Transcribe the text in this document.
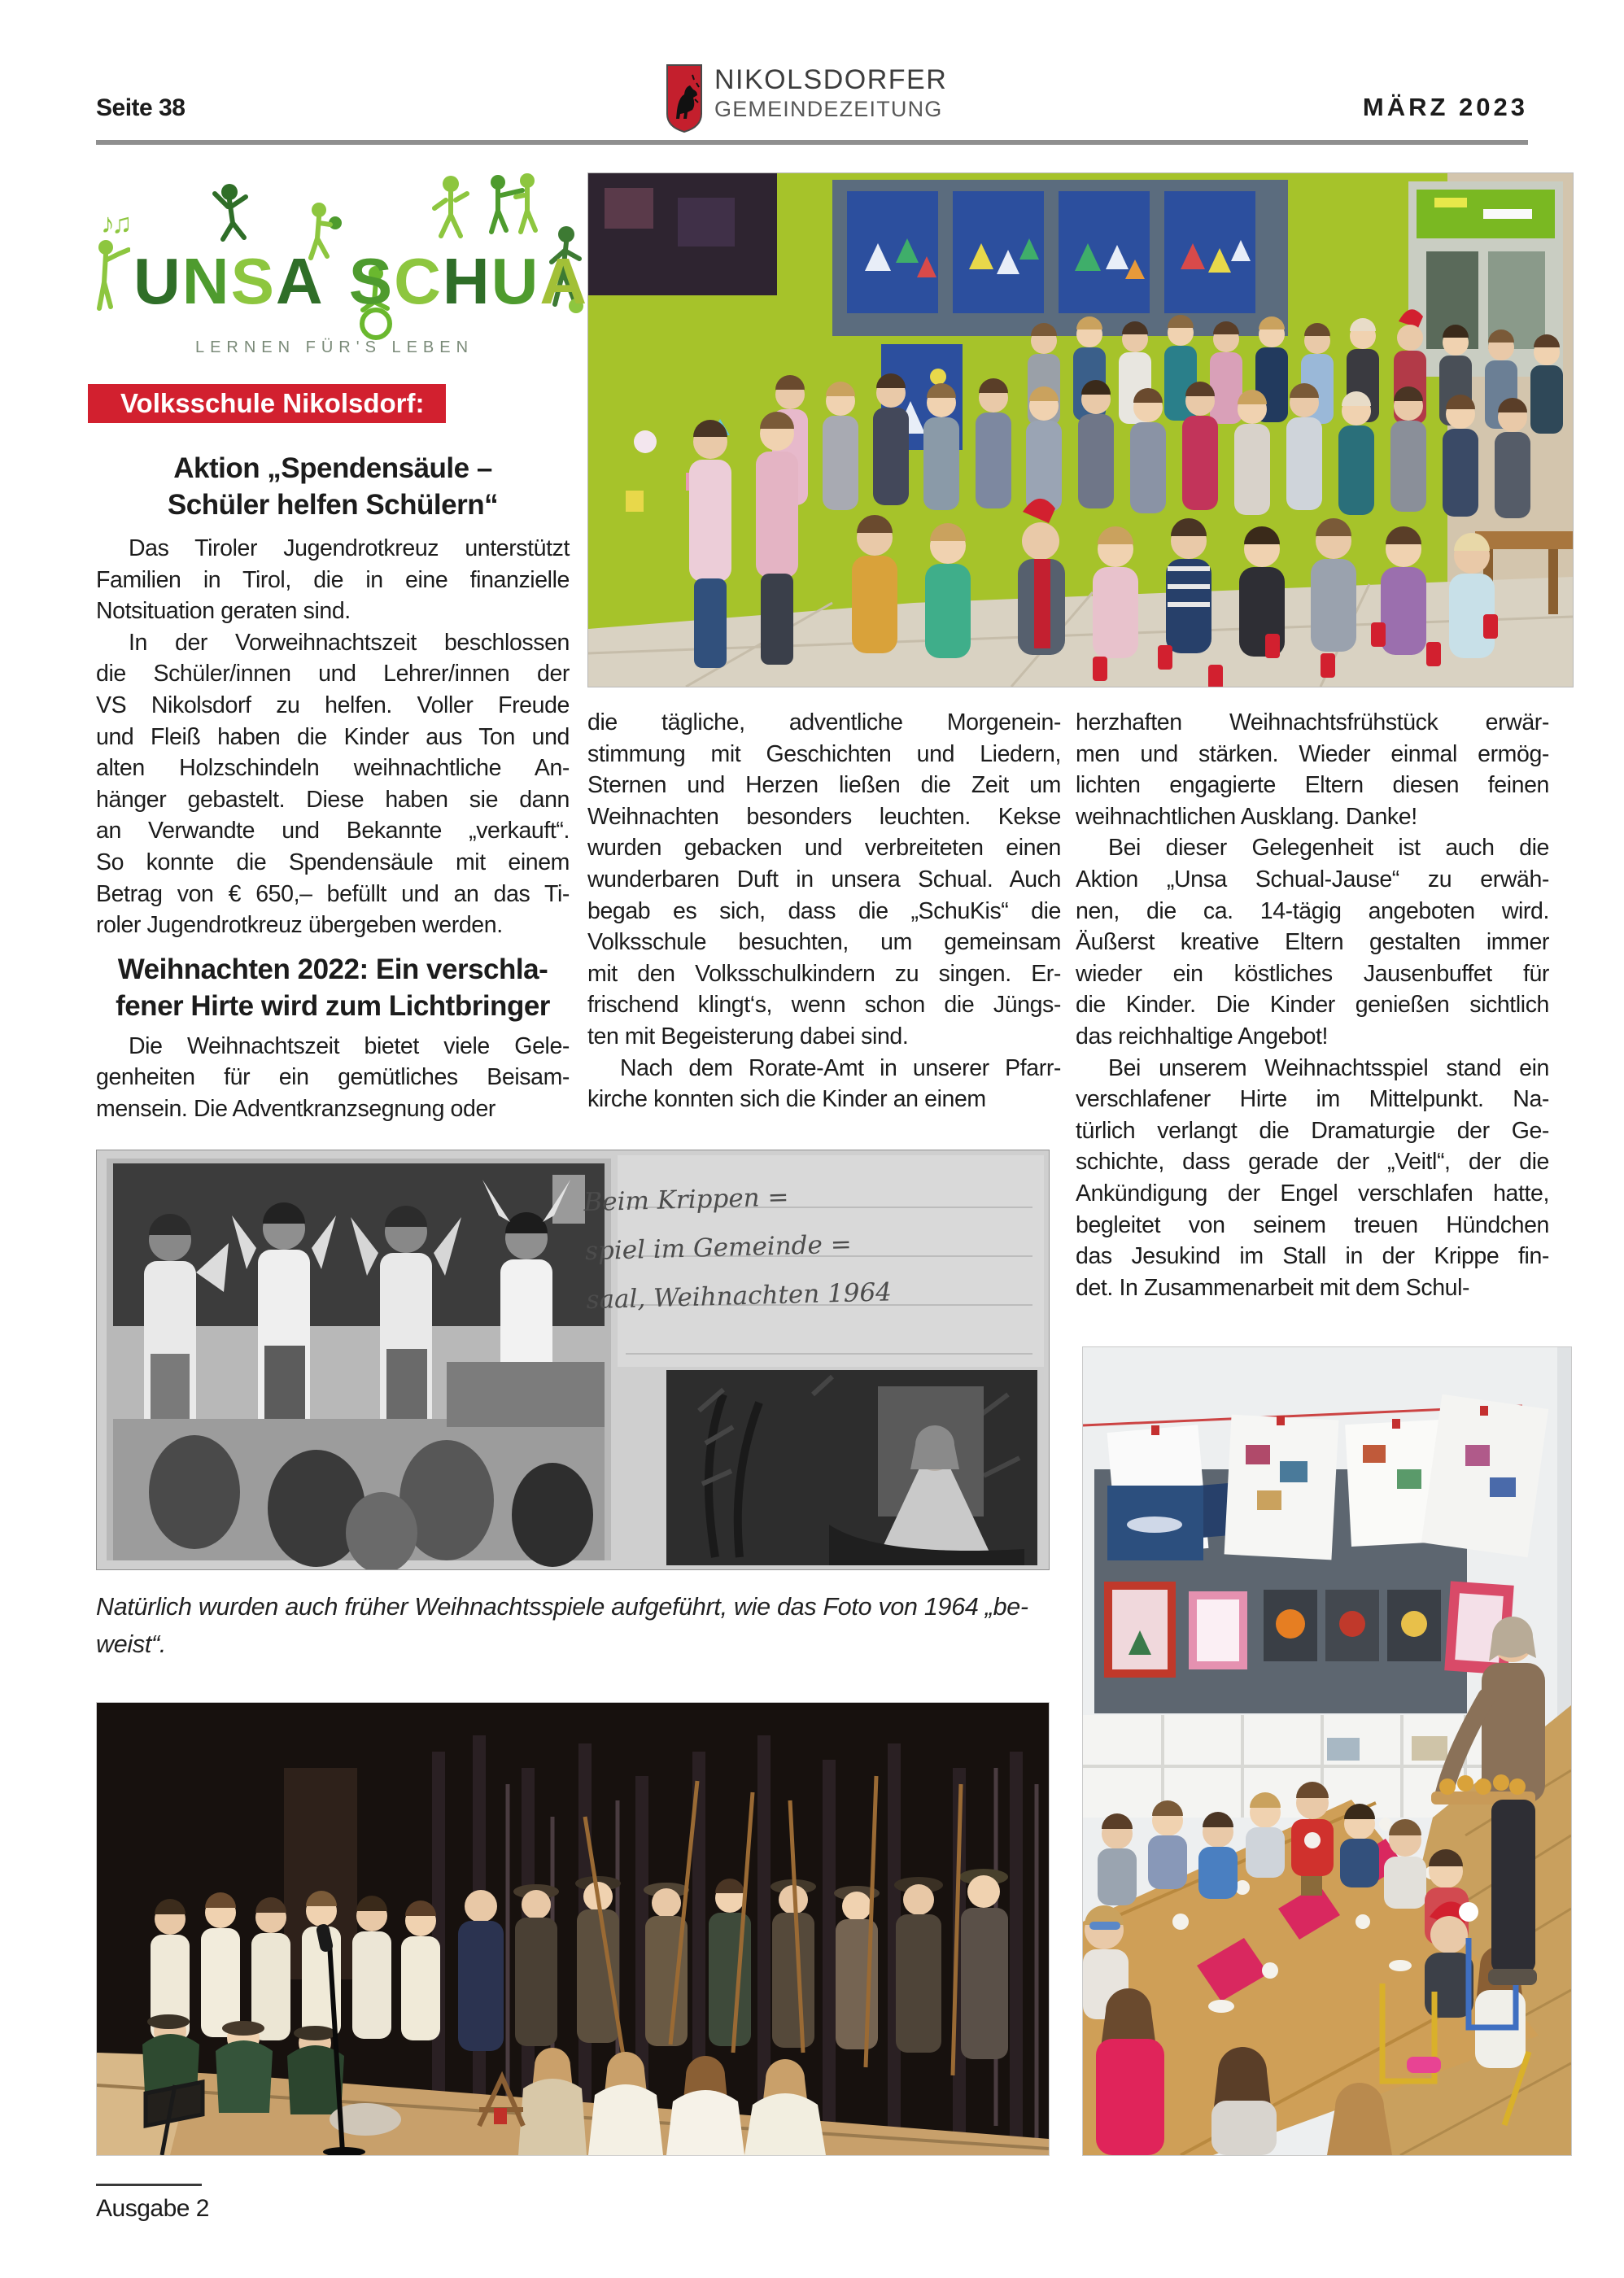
Seite 38
NIKOLSDORFER
GEMEINDEZEITUNG	MÄRZ 2023
♪♫
UNSA SCHUA
LERNEN FÜR'S LEBEN
Volksschule Nikolsdorf:
Aktion „Spendensäule –
Schüler helfen Schülern“
Das Tiroler Jugendrotkreuz unterstützt
Familien in Tirol, die in eine finanzielle
Notsituation geraten sind.
In der Vorweihnachtszeit beschlossen
die Schüler/innen und Lehrer/innen der
VS Nikolsdorf zu helfen. Voller Freude
und Fleiß haben die Kinder aus Ton und
alten Holzschindeln weihnachtliche An-
hänger gebastelt. Diese haben sie dann
an Verwandte und Bekannte „verkauft“.
So konnte die Spendensäule mit einem
Betrag von € 650,– befüllt und an das Ti-
roler Jugendrotkreuz übergeben werden.
Weihnachten 2022: Ein verschla-
fener Hirte wird zum Lichtbringer
Die Weihnachtszeit bietet viele Gele-
genheiten für ein gemütliches Beisam-
mensein. Die Adventkranzsegnung oder
die tägliche, adventliche Morgenein-
stimmung mit Geschichten und Liedern,
Sternen und Herzen ließen die Zeit um
Weihnachten besonders leuchten. Kekse
wurden gebacken und verbreiteten einen
wunderbaren Duft in unsera Schual. Auch
begab es sich, dass die „SchuKis“ die
Volksschule besuchten, um gemeinsam
mit den Volksschulkindern zu singen. Er-
frischend klingt‘s, wenn schon die Jüngs-
ten mit Begeisterung dabei sind.
Nach dem Rorate-Amt in unserer Pfarr-
kirche konnten sich die Kinder an einem
herzhaften Weihnachtsfrühstück erwär-
men und stärken. Wieder einmal ermög-
lichten engagierte Eltern diesen feinen
weihnachtlichen Ausklang. Danke!
Bei dieser Gelegenheit ist auch die
Aktion „Unsa Schual-Jause“ zu erwäh-
nen, die ca. 14-tägig angeboten wird.
Äußerst kreative Eltern gestalten immer
wieder ein köstliches Jausenbuffet für
die Kinder. Die Kinder genießen sichtlich
das reichhaltige Angebot!
Bei unserem Weihnachtsspiel stand ein
verschlafener Hirte im Mittelpunkt. Na-
türlich verlangt die Dramaturgie der Ge-
schichte, dass gerade der „Veitl“, der die
Ankündigung der Engel verschlafen hatte,
begleitet von seinem treuen Hündchen
das Jesukind im Stall in der Krippe fin-
det. In Zusammenarbeit mit dem Schul-
Beim Krippen =
spiel im Gemeinde =
saal, Weihnachten 1964
Natürlich wurden auch früher Weihnachtsspiele aufgeführt, wie das Foto von 1964 „be-
weist“.
Ausgabe 2
